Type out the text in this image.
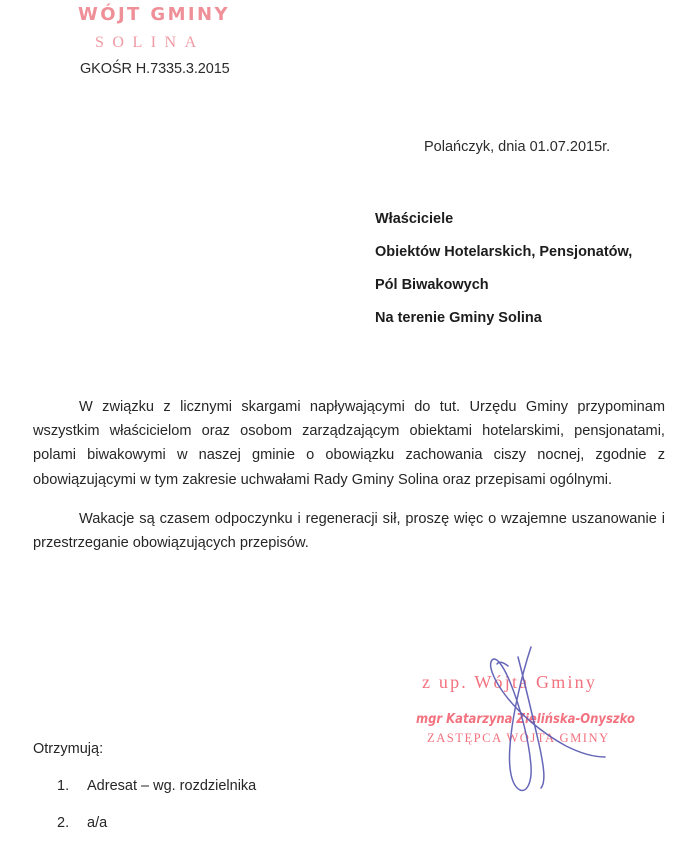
WÓJT GMINY
SOLINA
GKOŚR H.7335.3.2015
Polańczyk, dnia 01.07.2015r.
Właściciele
Obiektów Hotelarskich, Pensjonatów,
Pól Biwakowych
Na terenie Gminy Solina

W związku z licznymi skargami napływającymi do tut. Urzędu Gminy przypominam wszystkim właścicielom oraz osobom zarządzającym obiektami hotelarskimi, pensjonatami, polami biwakowymi w naszej gminie o obowiązku zachowania ciszy nocnej, zgodnie z obowiązującymi w tym zakresie uchwałami Rady Gminy Solina oraz przepisami ogólnymi.

Wakacje są czasem odpoczynku i regeneracji sił, proszę więc o wzajemne uszanowanie i przestrzeganie obowiązujących przepisów.

z up. Wójta Gminy
mgr Katarzyna Zielińska-Onyszko
ZASTĘPCA WÓJTA GMINY
Otrzymują:
1.	Adresat – wg. rozdzielnika
2.	a/a
